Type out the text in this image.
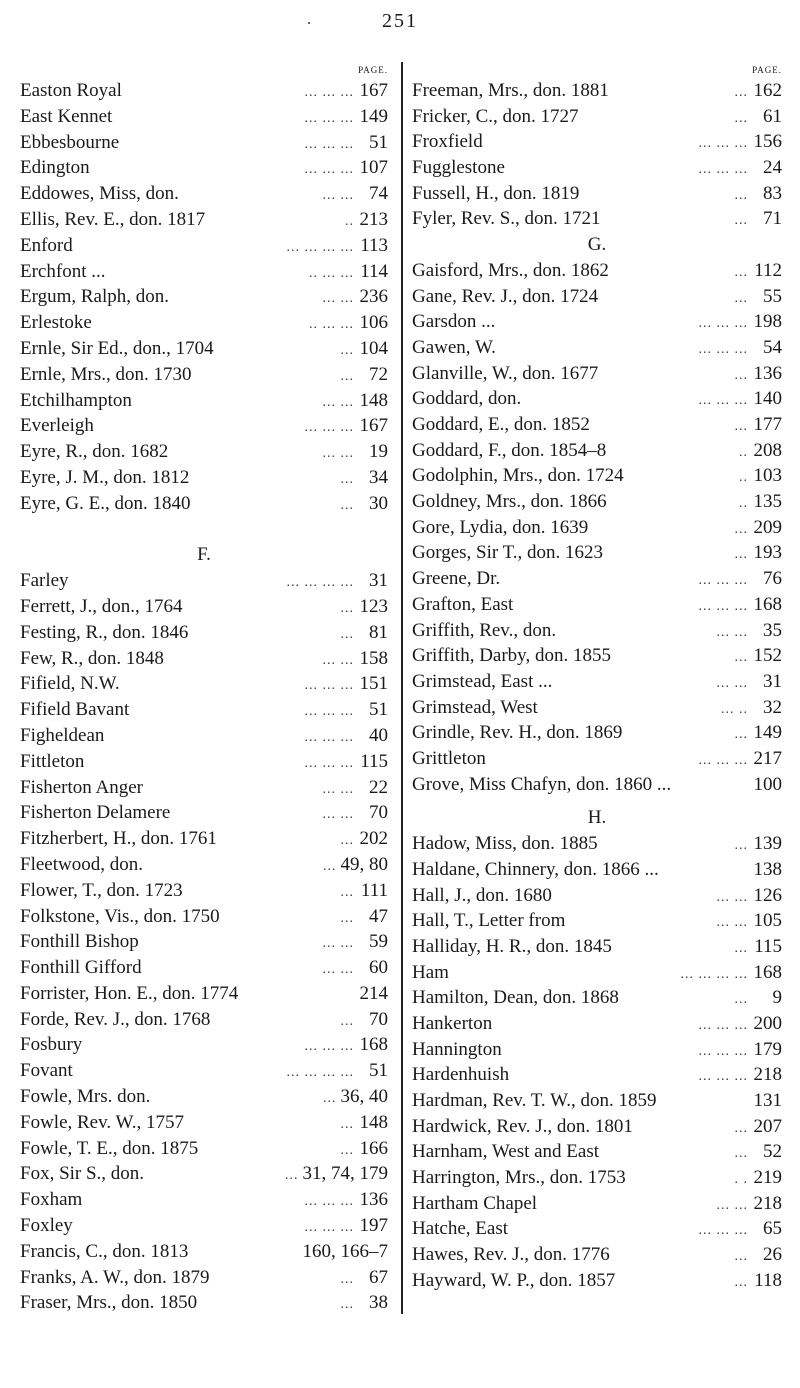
251
PAGE.
Easton Royal	... ... ... 167
East Kennet	... ... ... 149
Ebbesbourne	... ... ... 51
Edington	... ... ... 107
Eddowes, Miss, don.	... ... 74
Ellis, Rev. E., don. 1817	.. 213
Enford	... ... ... ... 113
Erchfont ...	.. ... ... 114
Ergum, Ralph, don.	... ... 236
Erlestoke	.. ... ... 106
Ernle, Sir Ed., don., 1704	... 104
Ernle, Mrs., don. 1730	... 72
Etchilhampton	... ... 148
Everleigh	... ... ... 167
Eyre, R., don. 1682	... ... 19
Eyre, J. M., don. 1812	... 34
Eyre, G. E., don. 1840	... 30
F.
Farley	... ... ... ... 31
Ferrett, J., don., 1764	... 123
Festing, R., don. 1846	... 81
Few, R., don. 1848	... ... 158
Fifield, N.W.	... ... ... 151
Fifield Bavant	... ... ... 51
Figheldean	... ... ... 40
Fittleton	... ... ... 115
Fisherton Anger	... ... 22
Fisherton Delamere	... ... 70
Fitzherbert, H., don. 1761	... 202
Fleetwood, don.	... 49, 80
Flower, T., don. 1723	... 111
Folkstone, Vis., don. 1750	... 47
Fonthill Bishop	... ... 59
Fonthill Gifford	... ... 60
Forrister, Hon. E., don. 1774	214
Forde, Rev. J., don. 1768	... 70
Fosbury	... ... ... 168
Fovant	... ... ... ... 51
Fowle, Mrs. don.	... 36, 40
Fowle, Rev. W., 1757	... 148
Fowle, T. E., don. 1875	... 166
Fox, Sir S., don.	... 31, 74, 179
Foxham	... ... ... 136
Foxley	... ... ... 197
Francis, C., don. 1813	160, 166–7
Franks, A. W., don. 1879	... 67
Fraser, Mrs., don. 1850	... 38
PAGE.
Freeman, Mrs., don. 1881	... 162
Fricker, C., don. 1727	... 61
Froxfield	... ... ... 156
Fugglestone	... ... ... 24
Fussell, H., don. 1819	... 83
Fyler, Rev. S., don. 1721	... 71
G.
Gaisford, Mrs., don. 1862	... 112
Gane, Rev. J., don. 1724	... 55
Garsdon ...	... ... ... 198
Gawen, W.	... ... ... 54
Glanville, W., don. 1677	... 136
Goddard, don.	... ... ... 140
Goddard, E., don. 1852	... 177
Goddard, F., don. 1854–8	.. 208
Godolphin, Mrs., don. 1724	.. 103
Goldney, Mrs., don. 1866	.. 135
Gore, Lydia, don. 1639	... 209
Gorges, Sir T., don. 1623	... 193
Greene, Dr.	... ... ... 76
Grafton, East	... ... ... 168
Griffith, Rev., don.	... ... 35
Griffith, Darby, don. 1855	... 152
Grimstead, East ...	... ... 31
Grimstead, West	... .. 32
Grindle, Rev. H., don. 1869	... 149
Grittleton	... ... ... 217
Grove, Miss Chafyn, don. 1860 ...	100
H.
Hadow, Miss, don. 1885	... 139
Haldane, Chinnery, don. 1866 ...	138
Hall, J., don. 1680	... ... 126
Hall, T., Letter from	... ... 105
Halliday, H. R., don. 1845	... 115
Ham	... ... ... ... 168
Hamilton, Dean, don. 1868	...	9
Hankerton	... ... ... 200
Hannington	... ... ... 179
Hardenhuish	... ... ... 218
Hardman, Rev. T. W., don. 1859	131
Hardwick, Rev. J., don. 1801	... 207
Harnham, West and East	... 52
Harrington, Mrs., don. 1753	. . 219
Hartham Chapel	... ... 218
Hatche, East	... ... ... 65
Hawes, Rev. J., don. 1776	... 26
Hayward, W. P., don. 1857	... 118
